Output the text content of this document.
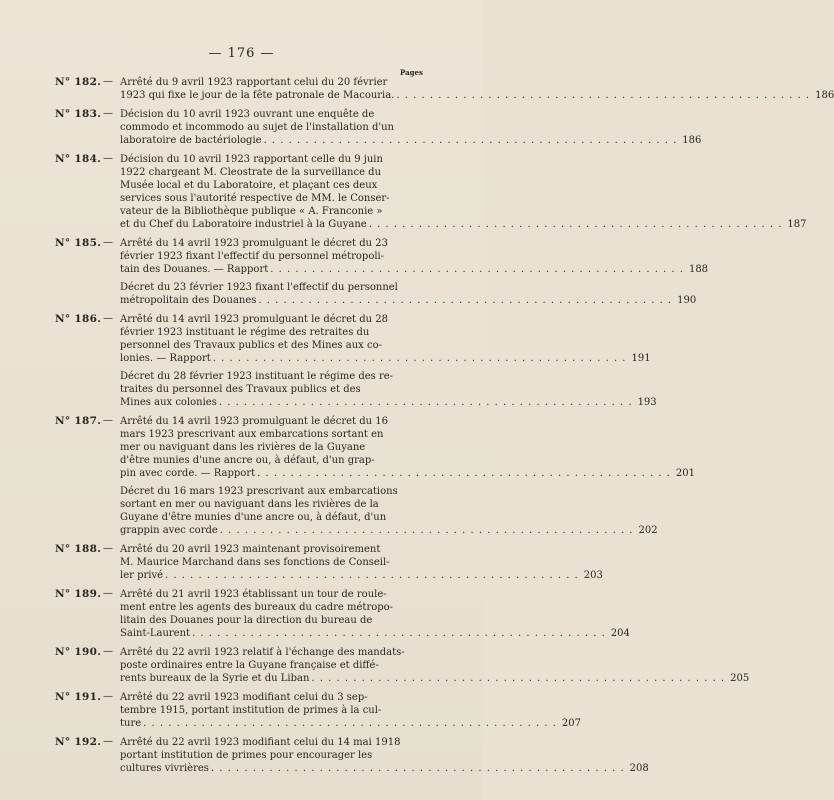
— 176 —
Pages
N° 182. — Arrêté du 9 avril 1923 rapportant celui du 20 février
1923 qui fixe le jour de la fête patronale de Macouria. . . . . . . . . . . . . . . . . . . . . . . . . . . . . . . . . . . . . . . . . . . . . . . . . . . 186
N° 183. — Décision du 10 avril 1923 ouvrant une enquête de
commodo et incommodo au sujet de l'installation d'un
laboratoire de bactériologie . . . . . . . . . . . . . . . . . . . . . . . . . . . . . . . . . . . . . . . . . . . . . . . . . . 186
N° 184. — Décision du 10 avril 1923 rapportant celle du 9 juin
1922 chargeant M. Cleostrate de la surveillance du
Musée local et du Laboratoire, et plaçant ces deux
services sous l'autorité respective de MM. le Conser-
vateur de la Bibliothèque publique « A. Franconie »
et du Chef du Laboratoire industriel à la Guyane . . . . . . . . . . . . . . . . . . . . . . . . . . . . . . . . . . . . . . . . . . . . . . . . . . 187
N° 185. — Arrêté du 14 avril 1923 promulguant le décret du 23
février 1923 fixant l'effectif du personnel métropoli-
tain des Douanes. — Rapport . . . . . . . . . . . . . . . . . . . . . . . . . . . . . . . . . . . . . . . . . . . . . . . . . . 188
Décret du 23 février 1923 fixant l'effectif du personnel
métropolitain des Douanes . . . . . . . . . . . . . . . . . . . . . . . . . . . . . . . . . . . . . . . . . . . . . . . . . . 190
N° 186. — Arrêté du 14 avril 1923 promulguant le décret du 28
février 1923 instituant le régime des retraites du
personnel des Travaux publics et des Mines aux co-
lonies. — Rapport . . . . . . . . . . . . . . . . . . . . . . . . . . . . . . . . . . . . . . . . . . . . . . . . . . 191
Décret du 28 février 1923 instituant le régime des re-
traites du personnel des Travaux publics et des
Mines aux colonies . . . . . . . . . . . . . . . . . . . . . . . . . . . . . . . . . . . . . . . . . . . . . . . . . . 193
N° 187. — Arrêté du 14 avril 1923 promulguant le décret du 16
mars 1923 prescrivant aux embarcations sortant en
mer ou naviguant dans les rivières de la Guyane
d'être munies d'une ancre ou, à défaut, d'un grap-
pin avec corde. — Rapport . . . . . . . . . . . . . . . . . . . . . . . . . . . . . . . . . . . . . . . . . . . . . . . . . . 201
Décret du 16 mars 1923 prescrivant aux embarcations
sortant en mer ou naviguant dans les rivières de la
Guyane d'être munies d'une ancre ou, à défaut, d'un
grappin avec corde . . . . . . . . . . . . . . . . . . . . . . . . . . . . . . . . . . . . . . . . . . . . . . . . . . 202
N° 188. — Arrêté du 20 avril 1923 maintenant provisoirement
M. Maurice Marchand dans ses fonctions de Conseil-
ler privé . . . . . . . . . . . . . . . . . . . . . . . . . . . . . . . . . . . . . . . . . . . . . . . . . . 203
N° 189. — Arrêté du 21 avril 1923 établissant un tour de roule-
ment entre les agents des bureaux du cadre métropo-
litain des Douanes pour la direction du bureau de
Saint-Laurent . . . . . . . . . . . . . . . . . . . . . . . . . . . . . . . . . . . . . . . . . . . . . . . . . . 204
N° 190. — Arrêté du 22 avril 1923 relatif à l'échange des mandats-
poste ordinaires entre la Guyane française et diffé-
rents bureaux de la Syrie et du Liban . . . . . . . . . . . . . . . . . . . . . . . . . . . . . . . . . . . . . . . . . . . . . . . . . . 205
N° 191. — Arrêté du 22 avril 1923 modifiant celui du 3 sep-
tembre 1915, portant institution de primes à la cul-
ture . . . . . . . . . . . . . . . . . . . . . . . . . . . . . . . . . . . . . . . . . . . . . . . . . . 207
N° 192. — Arrêté du 22 avril 1923 modifiant celui du 14 mai 1918
portant institution de primes pour encourager les
cultures vivrières . . . . . . . . . . . . . . . . . . . . . . . . . . . . . . . . . . . . . . . . . . . . . . . . . . 208
